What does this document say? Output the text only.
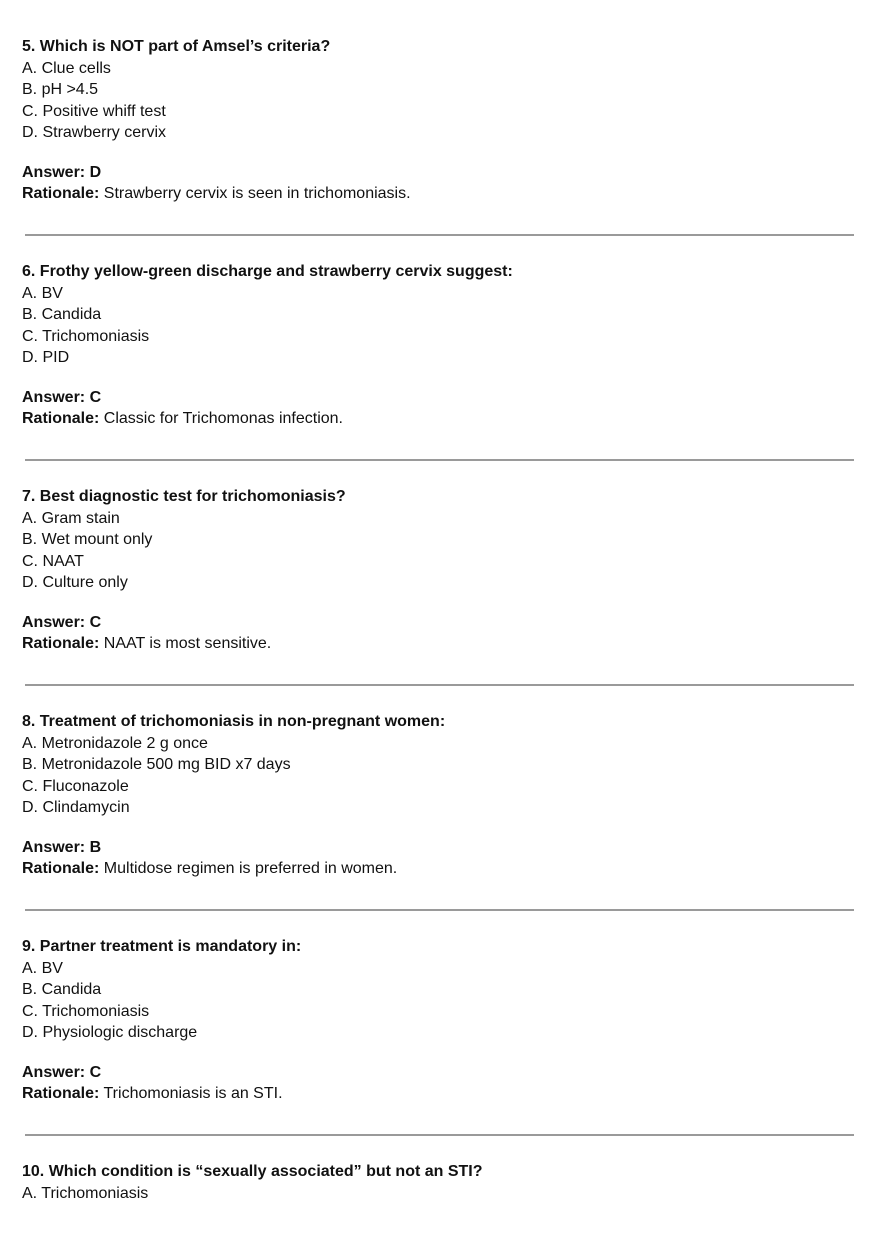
5. Which is NOT part of Amsel’s criteria?
A. Clue cells
B. pH >4.5
C. Positive whiff test
D. Strawberry cervix
Answer: D
Rationale: Strawberry cervix is seen in trichomoniasis.
6. Frothy yellow-green discharge and strawberry cervix suggest:
A. BV
B. Candida
C. Trichomoniasis
D. PID
Answer: C
Rationale: Classic for Trichomonas infection.
7. Best diagnostic test for trichomoniasis?
A. Gram stain
B. Wet mount only
C. NAAT
D. Culture only
Answer: C
Rationale: NAAT is most sensitive.
8. Treatment of trichomoniasis in non-pregnant women:
A. Metronidazole 2 g once
B. Metronidazole 500 mg BID x7 days
C. Fluconazole
D. Clindamycin
Answer: B
Rationale: Multidose regimen is preferred in women.
9. Partner treatment is mandatory in:
A. BV
B. Candida
C. Trichomoniasis
D. Physiologic discharge
Answer: C
Rationale: Trichomoniasis is an STI.
10. Which condition is “sexually associated” but not an STI?
A. Trichomoniasis
